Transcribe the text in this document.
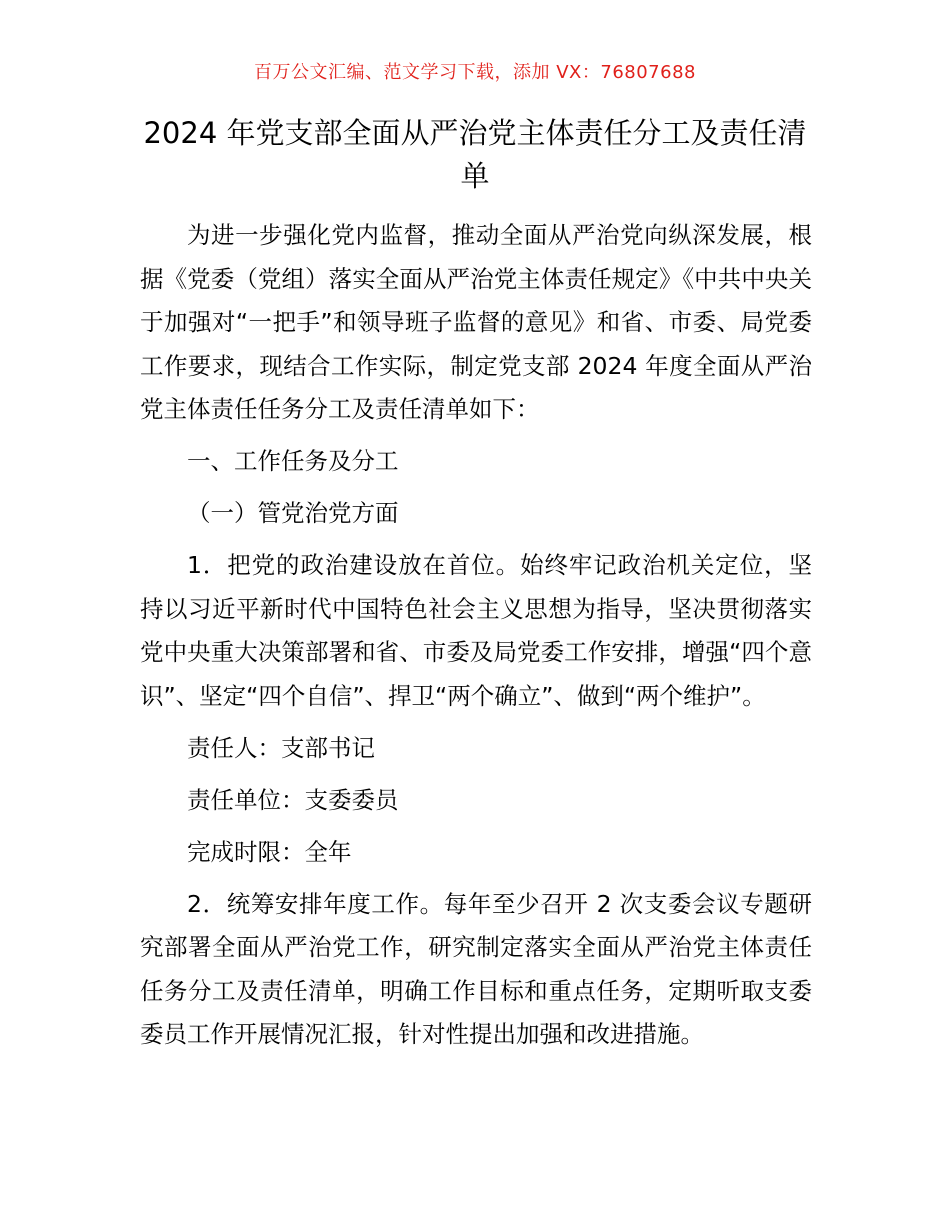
百万公文汇编、范文学习下载，添加 VX：76807688
2024 年党支部全面从严治党主体责任分工及责任清单

为进一步强化党内监督，推动全面从严治党向纵深发展，根据《党委（党组）落实全面从严治党主体责任规定》《中共中央关于加强对“一把手”和领导班子监督的意见》和省、市委、局党委工作要求，现结合工作实际，制定党支部 2024 年度全面从严治党主体责任任务分工及责任清单如下：

一、工作任务及分工

（一）管党治党方面

1．把党的政治建设放在首位。始终牢记政治机关定位，坚持以习近平新时代中国特色社会主义思想为指导，坚决贯彻落实党中央重大决策部署和省、市委及局党委工作安排，增强“四个意识”、坚定“四个自信”、捍卫“两个确立”、做到“两个维护”。

责任人：支部书记

责任单位：支委委员

完成时限：全年

2．统筹安排年度工作。每年至少召开 2 次支委会议专题研究部署全面从严治党工作，研究制定落实全面从严治党主体责任任务分工及责任清单，明确工作目标和重点任务，定期听取支委委员工作开展情况汇报，针对性提出加强和改进措施。
